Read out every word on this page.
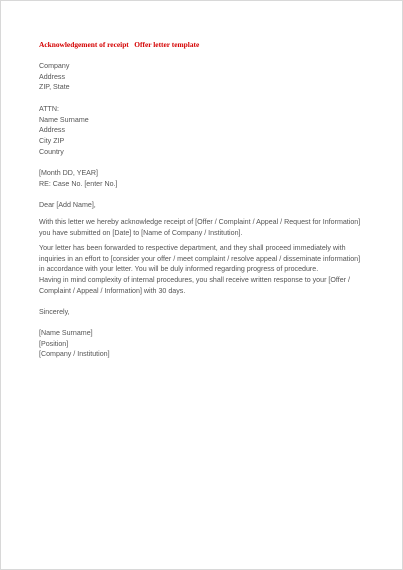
Acknowledgement of receipt   Offer letter template
Company
Address
ZIP, State
ATTN:
Name Surname
Address
City ZIP
Country
[Month DD, YEAR]
RE: Case No. [enter No.]
Dear [Add Name],
With this letter we hereby acknowledge receipt of [Offer / Complaint / Appeal / Request for Information] you have submitted on [Date] to [Name of Company / Institution].
Your letter has been forwarded to respective department, and they shall proceed immediately with inquiries in an effort to [consider your offer / meet complaint / resolve appeal / disseminate information] in accordance with your letter. You will be duly informed regarding progress of procedure.
Having in mind complexity of internal procedures, you shall receive written response to your [Offer / Complaint / Appeal / Information] with 30 days.
Sincerely,
[Name Surname]
[Position]
[Company / Institution]
